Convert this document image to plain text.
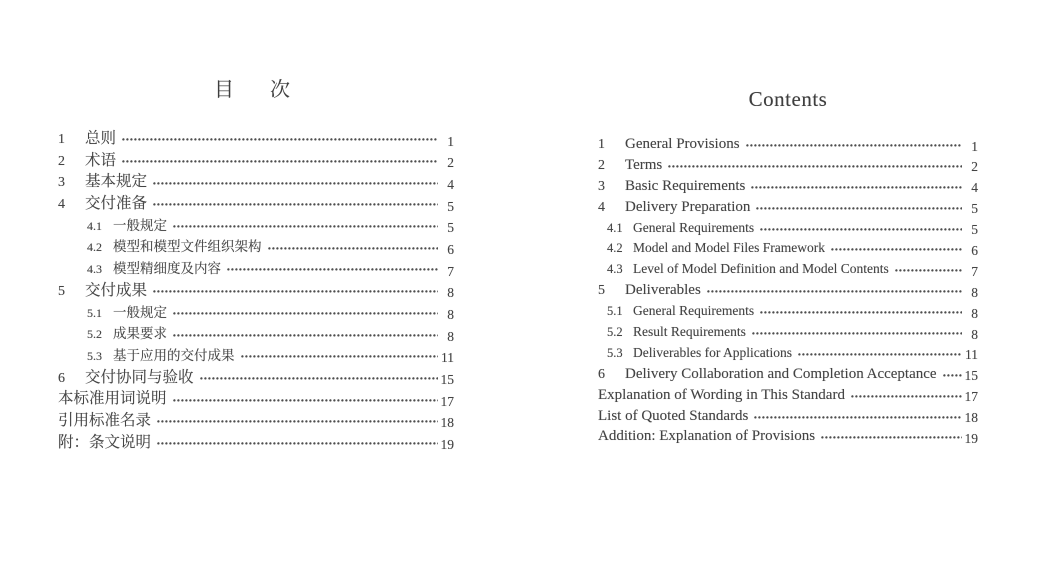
目　次
1	总则	1
2	术语	2
3	基本规定	4
4	交付准备	5
4.1 一般规定	5
4.2 模型和模型文件组织架构	6
4.3 模型精细度及内容	7
5	交付成果	8
5.1 一般规定	8
5.2 成果要求	8
5.3 基于应用的交付成果	11
6	交付协同与验收	15
本标准用词说明	17
引用标准名录	18
附：条文说明	19
Contents
1	General Provisions	1
2	Terms	2
3	Basic Requirements	4
4	Delivery Preparation	5
4.1 General Requirements	5
4.2 Model and Model Files Framework	6
4.3 Level of Model Definition and Model Contents	7
5	Deliverables	8
5.1 General Requirements	8
5.2 Result Requirements	8
5.3 Deliverables for Applications	11
6	Delivery Collaboration and Completion Acceptance 15
Explanation of Wording in This Standard	17
List of Quoted Standards	18
Addition: Explanation of Provisions	19
